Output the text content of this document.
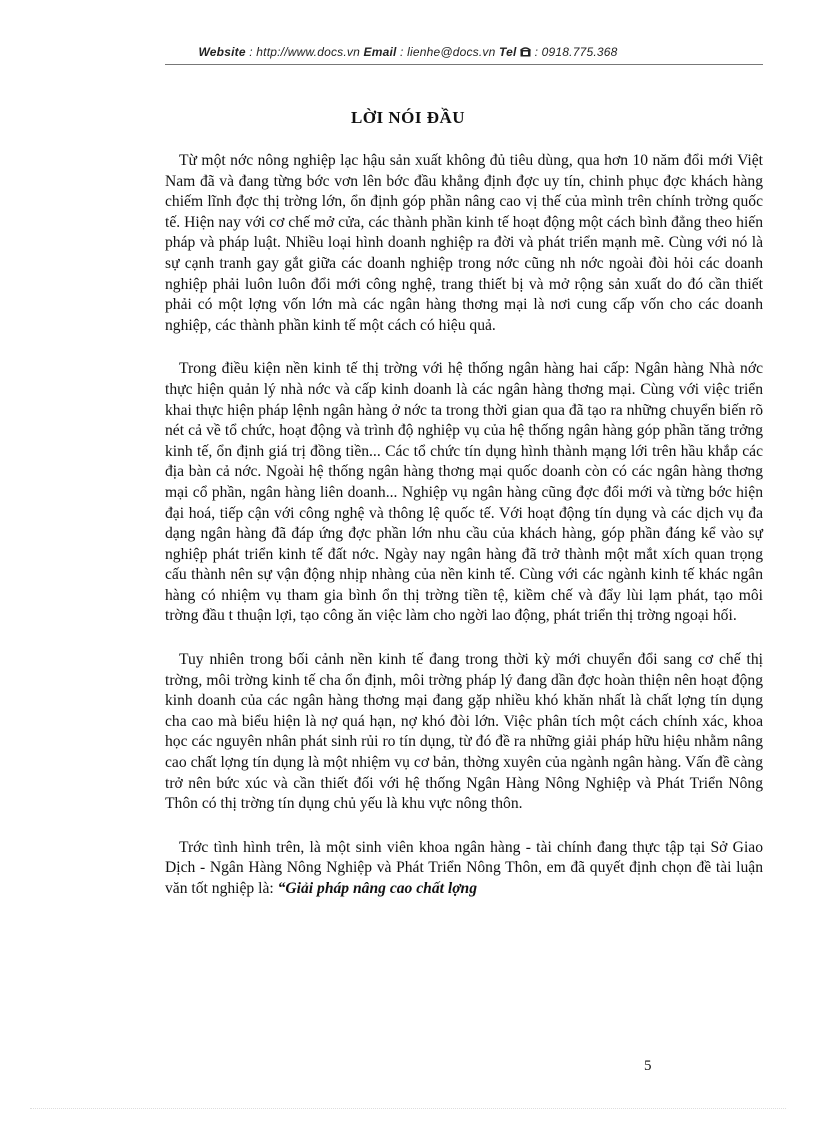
Website : http://www.docs.vn Email : lienhe@docs.vn Tel  : 0918.775.368
LỜI NÓI ĐẦU

Từ một nớc nông nghiệp lạc hậu sản xuất không đủ tiêu dùng, qua hơn 10 năm đổi mới Việt Nam đã và đang từng bớc vơn lên bớc đầu khẳng định đợc uy tín, chinh phục đợc khách hàng chiếm lĩnh đợc thị trờng lớn, ổn định góp phần nâng cao vị thế của mình trên chính trờng quốc tế. Hiện nay với cơ chế mở cửa, các thành phần kinh tế hoạt động một cách bình đẳng theo hiến pháp và pháp luật. Nhiều loại hình doanh nghiệp ra đời và phát triển mạnh mẽ. Cùng với nó là sự cạnh tranh gay gắt giữa các doanh nghiệp trong nớc cũng nh nớc ngoài đòi hỏi các doanh nghiệp phải luôn luôn đổi mới công nghệ, trang thiết bị và mở rộng sản xuất do đó cần thiết phải có một lợng vốn lớn mà các ngân hàng thơng mại là nơi cung cấp vốn cho các doanh nghiệp, các thành phần kinh tế một cách có hiệu quả.

Trong điều kiện nền kinh tế thị trờng với hệ thống ngân hàng hai cấp: Ngân hàng Nhà nớc thực hiện quản lý nhà nớc và cấp kinh doanh là các ngân hàng thơng mại. Cùng với việc triển khai thực hiện pháp lệnh ngân hàng ở nớc ta trong thời gian qua đã tạo ra những chuyển biến rõ nét cả về tổ chức, hoạt động và trình độ nghiệp vụ của hệ thống ngân hàng góp phần tăng trởng kinh tế, ổn định giá trị đồng tiền... Các tổ chức tín dụng hình thành mạng lới trên hầu khắp các địa bàn cả nớc. Ngoài hệ thống ngân hàng thơng mại quốc doanh còn có các ngân hàng thơng mại cổ phần, ngân hàng liên doanh... Nghiệp vụ ngân hàng cũng đợc đổi mới và từng bớc hiện đại hoá, tiếp cận với công nghệ và thông lệ quốc tế. Với hoạt động tín dụng và các dịch vụ đa dạng ngân hàng đã đáp ứng đợc phần lớn nhu cầu của khách hàng, góp phần đáng kể vào sự nghiệp phát triển kinh tế đất nớc. Ngày nay ngân hàng đã trở thành một mắt xích quan trọng cấu thành nên sự vận động nhịp nhàng của nền kinh tế. Cùng với các ngành kinh tế khác ngân hàng có nhiệm vụ tham gia bình ổn thị trờng tiền tệ, kiềm chế và đẩy lùi lạm phát, tạo môi trờng đầu t thuận lợi, tạo công ăn việc làm cho ngời lao động, phát triển thị trờng ngoại hối.

Tuy nhiên trong bối cảnh nền kinh tế đang trong thời kỳ mới chuyển đổi sang cơ chế thị trờng, môi trờng kinh tế cha ổn định, môi trờng pháp lý đang dần đợc hoàn thiện nên hoạt động kinh doanh của các ngân hàng thơng mại đang gặp nhiều khó khăn nhất là chất lợng tín dụng cha cao mà biểu hiện là nợ quá hạn, nợ khó đòi lớn. Việc phân tích một cách chính xác, khoa học các nguyên nhân phát sinh rủi ro tín dụng, từ đó đề ra những giải pháp hữu hiệu nhằm nâng cao chất lợng tín dụng là một nhiệm vụ cơ bản, thờng xuyên của ngành ngân hàng. Vấn đề càng trở nên bức xúc và cần thiết đối với hệ thống Ngân Hàng Nông Nghiệp và Phát Triển Nông Thôn có thị trờng tín dụng chủ yếu là khu vực nông thôn.

Trớc tình hình trên, là một sinh viên khoa ngân hàng - tài chính đang thực tập tại Sở Giao Dịch - Ngân Hàng Nông Nghiệp và Phát Triển Nông Thôn, em đã quyết định chọn đề tài luận văn tốt nghiệp là: “Giải pháp nâng cao chất lợng

5
